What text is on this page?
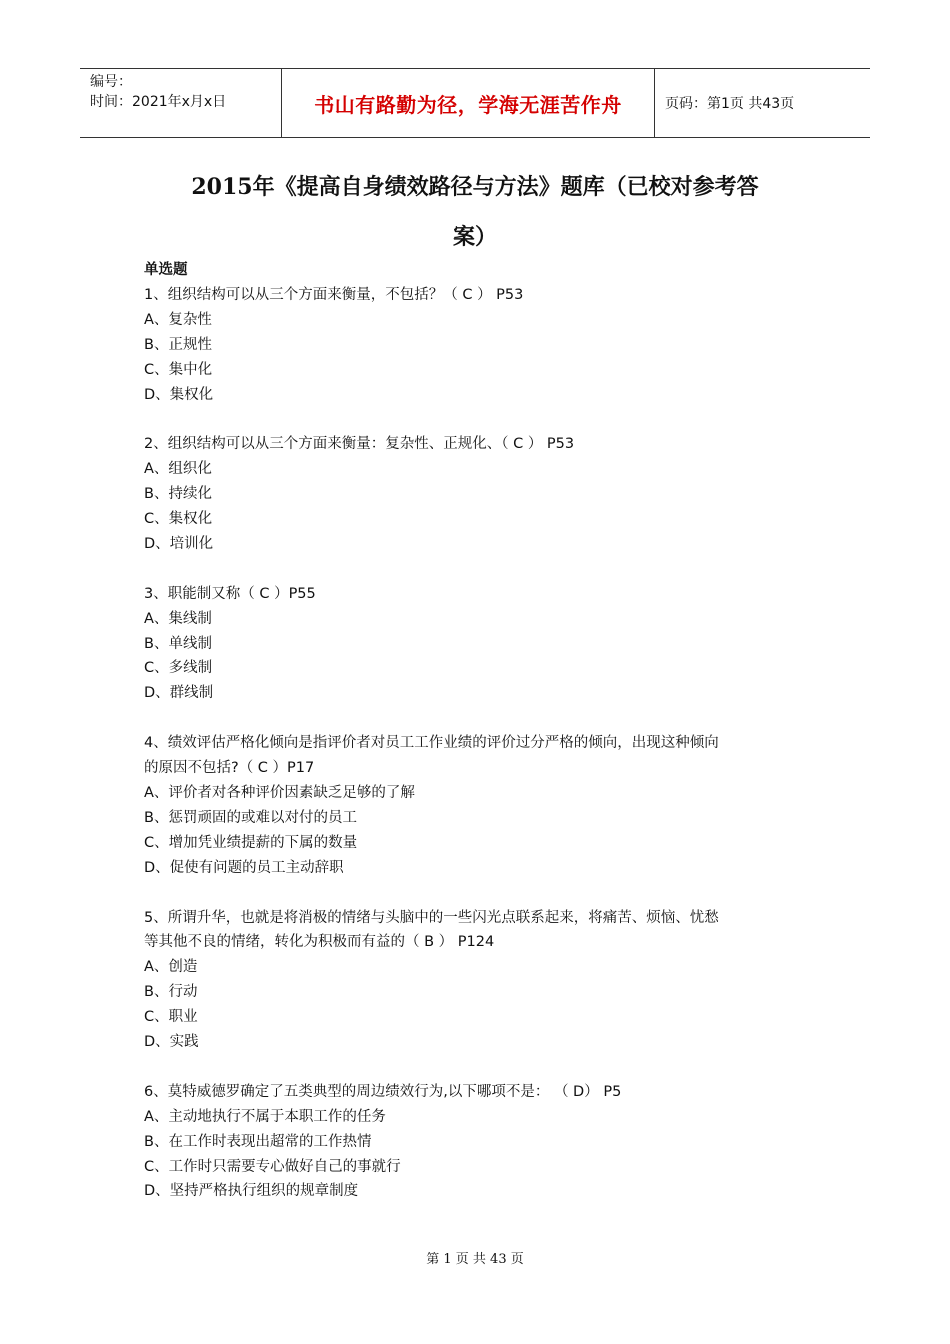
编号：
时间：2021年x月x日	书山有路勤为径，学海无涯苦作舟	页码：第1页 共43页
2015年《提高自身绩效路径与方法》题库（已校对参考答
案）
单选题
1、组织结构可以从三个方面来衡量，不包括？（ C ） P53
A、复杂性
B、正规性
C、集中化
D、集权化
2、组织结构可以从三个方面来衡量：复杂性、正规化、（ C ） P53
A、组织化
B、持续化
C、集权化
D、培训化
3、职能制又称（ C ）P55
A、集线制
B、单线制
C、多线制
D、群线制
4、绩效评估严格化倾向是指评价者对员工工作业绩的评价过分严格的倾向，出现这种倾向
的原因不包括?（ C ）P17
A、评价者对各种评价因素缺乏足够的了解
B、惩罚顽固的或难以对付的员工
C、增加凭业绩提薪的下属的数量
D、促使有问题的员工主动辞职
5、所谓升华，也就是将消极的情绪与头脑中的一些闪光点联系起来，将痛苦、烦恼、忧愁
等其他不良的情绪，转化为积极而有益的（ B ） P124
A、创造
B、行动
C、职业
D、实践
6、莫特威德罗确定了五类典型的周边绩效行为,以下哪项不是： （ D） P5
A、主动地执行不属于本职工作的任务
B、在工作时表现出超常的工作热情
C、工作时只需要专心做好自己的事就行
D、坚持严格执行组织的规章制度
第 1 页 共 43 页
